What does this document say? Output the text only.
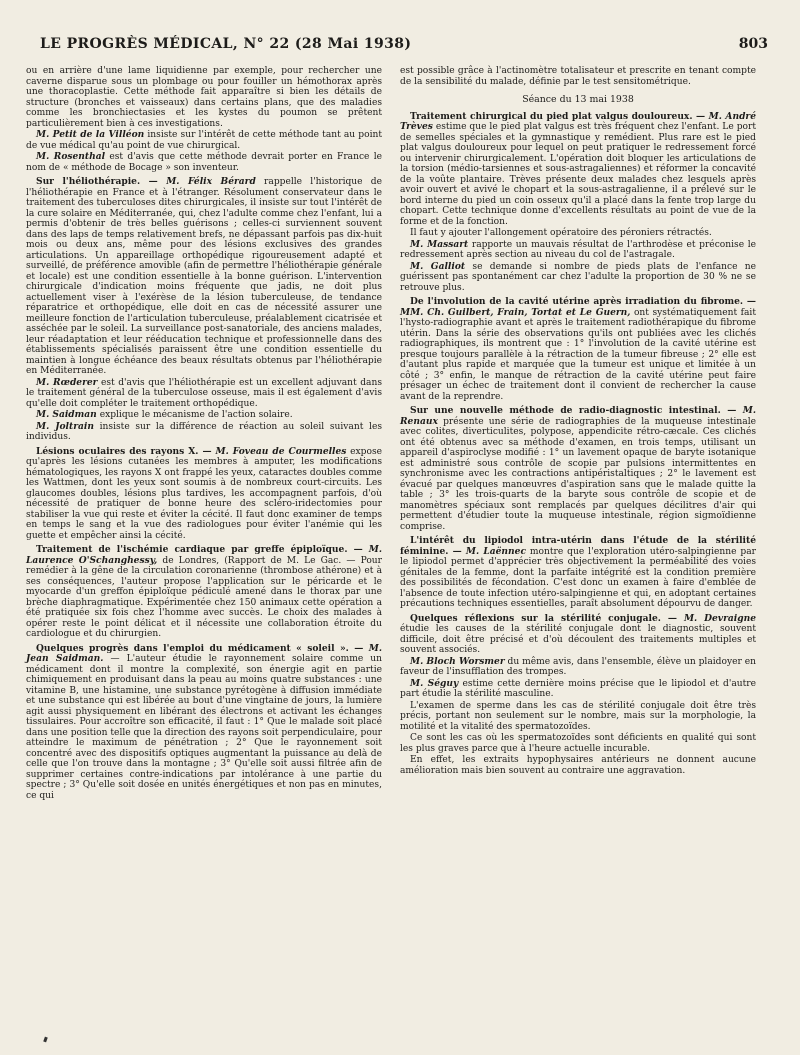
LE PROGRÈS MÉDICAL, N° 22 (28 Mai 1938)	803

ou en arrière d'une lame liquidienne par exemple, pour rechercher une caverne disparue sous un plombage ou pour fouiller un hémothorax après une thoracoplastie. Cette méthode fait apparaître si bien les détails de structure (bronches et vaisseaux) dans certains plans, que des maladies comme les bronchiectasies et les kystes du poumon se prêtent particulièrement bien à ces investigations.

M. Petit de la Villéon insiste sur l'intérêt de cette méthode tant au point de vue médical qu'au point de vue chirurgical.

M. Rosenthal est d'avis que cette méthode devrait porter en France le nom de « méthode de Bocage » son inventeur.

Sur l'héliothérapie. — M. Félix Bérard rappelle l'historique de l'héliothérapie en France et à l'étranger. Résolument conservateur dans le traitement des tuberculoses dites chirurgicales, il insiste sur tout l'intérêt de la cure solaire en Méditerranée, qui, chez l'adulte comme chez l'enfant, lui a permis d'obtenir de très belles guérisons ; celles-ci surviennent souvent dans des laps de temps relativement brefs, ne dépassant parfois pas dix-huit mois ou deux ans, même pour des lésions exclusives des grandes articulations. Un appareillage orthopédique rigoureusement adapté et surveillé, de préférence amovible (afin de permettre l'héliothérapie générale et locale) est une condition essentielle à la bonne guérison. L'intervention chirurgicale d'indication moins fréquente que jadis, ne doit plus actuellement viser à l'exérèse de la lésion tuberculeuse, de tendance réparatrice et orthopédique, elle doit en cas de nécessité assurer une meilleure fonction de l'articulation tuberculeuse, préalablement cicatrisée et asséchée par le soleil. La surveillance post-sanatoriale, des anciens malades, leur réadaptation et leur rééducation technique et professionnelle dans des établissements spécialisés paraissent être une condition essentielle du maintien à longue échéance des beaux résultats obtenus par l'héliothérapie en Méditerranée.

M. Rœderer est d'avis que l'héliothérapie est un excellent adjuvant dans le traitement général de la tuberculose osseuse, mais il est également d'avis qu'elle doit compléter le traitement orthopédique.

M. Saidman explique le mécanisme de l'action solaire.

M. Joltrain insiste sur la différence de réaction au soleil suivant les individus.

Lésions oculaires des rayons X. — M. Foveau de Courmelles expose qu'après les lésions cutanées les membres à amputer, les modifications hématologiques, les rayons X ont frappé les yeux, cataractes doubles comme les Wattmen, dont les yeux sont soumis à de nombreux court-circuits. Les glaucomes doubles, lésions plus tardives, les accompagnent parfois, d'où nécessité de pratiquer de bonne heure des scléro-iridectomies pour stabiliser la vue qui reste et éviter la cécité. Il faut donc examiner de temps en temps le sang et la vue des radiologues pour éviter l'anémie qui les guette et empêcher ainsi la cécité.

Traitement de l'ischémie cardiaque par greffe épiploïque. — M. Laurence O'Schanghessy, de Londres, (Rapport de M. Le Gac. — Pour remédier à la gêne de la circulation coronarienne (thrombose athérone) et à ses conséquences, l'auteur propose l'application sur le péricarde et le myocarde d'un greffon épiploïque pédiculé amené dans le thorax par une brèche diaphragmatique. Expérimentée chez 150 animaux cette opération a été pratiquée six fois chez l'homme avec succès. Le choix des malades à opérer reste le point délicat et il nécessite une collaboration étroite du cardiologue et du chirurgien.

Quelques progrès dans l'emploi du médicament « soleil ». — M. Jean Saidman. — L'auteur étudie le rayonnement solaire comme un médicament dont il montre la complexité, son énergie agit en partie chimiquement en produisant dans la peau au moins quatre substances : une vitamine B, une histamine, une substance pyrétogène à diffusion immédiate et une substance qui est libérée au bout d'une vingtaine de jours, la lumière agit aussi physiquement en libérant des électrons et activant les échanges tissulaires. Pour accroître son efficacité, il faut : 1° Que le malade soit placé dans une position telle que la direction des rayons soit perpendiculaire, pour atteindre le maximum de pénétration ; 2° Que le rayonnement soit concentré avec des dispositifs optiques augmentant la puissance au delà de celle que l'on trouve dans la montagne ; 3° Qu'elle soit aussi filtrée afin de supprimer certaines contre-indications par intolérance à une partie du spectre ; 3° Qu'elle soit dosée en unités énergétiques et non pas en minutes, ce qui

est possible grâce à l'actinomètre totalisateur et prescrite en tenant compte de la sensibilité du malade, définie par le test sensitométrique.

Séance du 13 mai 1938

Traitement chirurgical du pied plat valgus douloureux. — M. André Trèves estime que le pied plat valgus est très fréquent chez l'enfant. Le port de semelles spéciales et la gymnastique y remédient. Plus rare est le pied plat valgus douloureux pour lequel on peut pratiquer le redressement forcé ou intervenir chirurgicalement. L'opération doit bloquer les articulations de la torsion (médio-tarsiennes et sous-astragaliennes) et réformer la concavité de la voûte plantaire. Trèves présente deux malades chez lesquels après avoir ouvert et avivé le chopart et la sous-astragalienne, il a prélevé sur le bord interne du pied un coin osseux qu'il a placé dans la fente trop large du chopart. Cette technique donne d'excellents résultats au point de vue de la forme et de la fonction.

Il faut y ajouter l'allongement opératoire des péroniers rétractés.

M. Massart rapporte un mauvais résultat de l'arthrodèse et préconise le redressement après section au niveau du col de l'astragale.

M. Galliot se demande si nombre de pieds plats de l'enfance ne guérissent pas spontanément car chez l'adulte la proportion de 30 % ne se retrouve plus.

De l'involution de la cavité utérine après irradiation du fibrome. — MM. Ch. Guilbert, Frain, Tortat et Le Guern, ont systématiquement fait l'hysto-radiographie avant et après le traitement radiothérapique du fibrome utérin. Dans la série des observations qu'ils ont publiées avec les clichés radiographiques, ils montrent que : 1° l'involution de la cavité utérine est presque toujours parallèle à la rétraction de la tumeur fibreuse ; 2° elle est d'autant plus rapide et marquée que la tumeur est unique et limitée à un côté ; 3° enfin, le manque de rétraction de la cavité utérine peut faire présager un échec de traitement dont il convient de rechercher la cause avant de la reprendre.

Sur une nouvelle méthode de radio-diagnostic intestinal. — M. Renaux présente une série de radiographies de la muqueuse intestinale avec colites, diverticulites, polypose, appendicite rétro-cæcale. Ces clichés ont été obtenus avec sa méthode d'examen, en trois temps, utilisant un appareil d'aspiroclyse modifié : 1° un lavement opaque de baryte isotanique est administré sous contrôle de scopie par pulsions intermittentes en synchronisme avec les contractions antipéristaltiques ; 2° le lavement est évacué par quelques manœuvres d'aspiration sans que le malade quitte la table ; 3° les trois-quarts de la baryte sous contrôle de scopie et de manomètres spéciaux sont remplacés par quelques décilitres d'air qui permettent d'étudier toute la muqueuse intestinale, région sigmoïdienne comprise.

L'intérêt du lipiodol intra-utérin dans l'étude de la stérilité féminine. — M. Laënnec montre que l'exploration utéro-salpingienne par le lipiodol permet d'apprécier très objectivement la perméabilité des voies génitales de la femme, dont la parfaite intégrité est la condition première des possibilités de fécondation. C'est donc un examen à faire d'emblée de l'absence de toute infection utéro-salpingienne et qui, en adoptant certaines précautions techniques essentielles, paraît absolument dépourvu de danger.

Quelques réflexions sur la stérilité conjugale. — M. Devraigne étudie les causes de la stérilité conjugale dont le diagnostic, souvent difficile, doit être précisé et d'où découlent des traitements multiples et souvent associés.

M. Bloch Worsmer du même avis, dans l'ensemble, élève un plaidoyer en faveur de l'insufflation des trompes.

M. Séguy estime cette dernière moins précise que le lipiodol et d'autre part étudie la stérilité masculine.

L'examen de sperme dans les cas de stérilité conjugale doit être très précis, portant non seulement sur le nombre, mais sur la morphologie, la motilité et la vitalité des spermatozoïdes.

Ce sont les cas où les spermatozoïdes sont déficients en qualité qui sont les plus graves parce que à l'heure actuelle incurable.

En effet, les extraits hypophysaires antérieurs ne donnent aucune amélioration mais bien souvent au contraire une aggravation.
